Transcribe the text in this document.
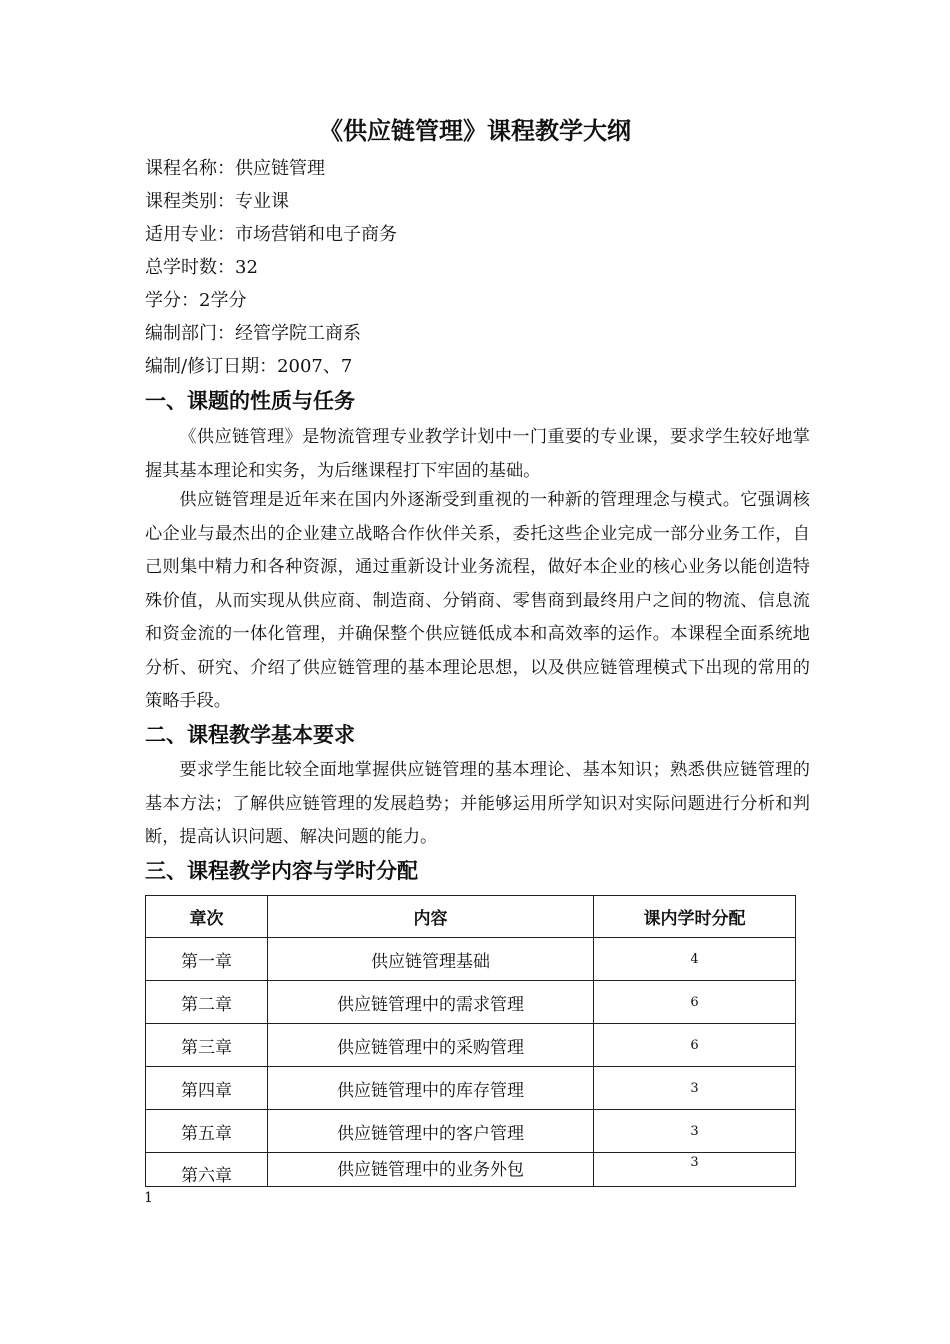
《供应链管理》课程教学大纲
课程名称：供应链管理
课程类别：专业课
适用专业：市场营销和电子商务
总学时数：32
学分：2学分
编制部门：经管学院工商系
编制/修订日期：2007、7
一、课题的性质与任务
《供应链管理》是物流管理专业教学计划中一门重要的专业课，要求学生较好地掌握其基本理论和实务，为后继课程打下牢固的基础。
供应链管理是近年来在国内外逐渐受到重视的一种新的管理理念与模式。它强调核心企业与最杰出的企业建立战略合作伙伴关系，委托这些企业完成一部分业务工作，自己则集中精力和各种资源，通过重新设计业务流程，做好本企业的核心业务以能创造特殊价值，从而实现从供应商、制造商、分销商、零售商到最终用户之间的物流、信息流和资金流的一体化管理，并确保整个供应链低成本和高效率的运作。本课程全面系统地分析、研究、介绍了供应链管理的基本理论思想，以及供应链管理模式下出现的常用的策略手段。
二、课程教学基本要求
要求学生能比较全面地掌握供应链管理的基本理论、基本知识；熟悉供应链管理的基本方法；了解供应链管理的发展趋势；并能够运用所学知识对实际问题进行分析和判断，提高认识问题、解决问题的能力。
三、课程教学内容与学时分配
章次	内容	课内学时分配
第一章	供应链管理基础	4
第二章	供应链管理中的需求管理	6
第三章	供应链管理中的采购管理	6
第四章	供应链管理中的库存管理	3
第五章	供应链管理中的客户管理	3
第六章	供应链管理中的业务外包	3
1
